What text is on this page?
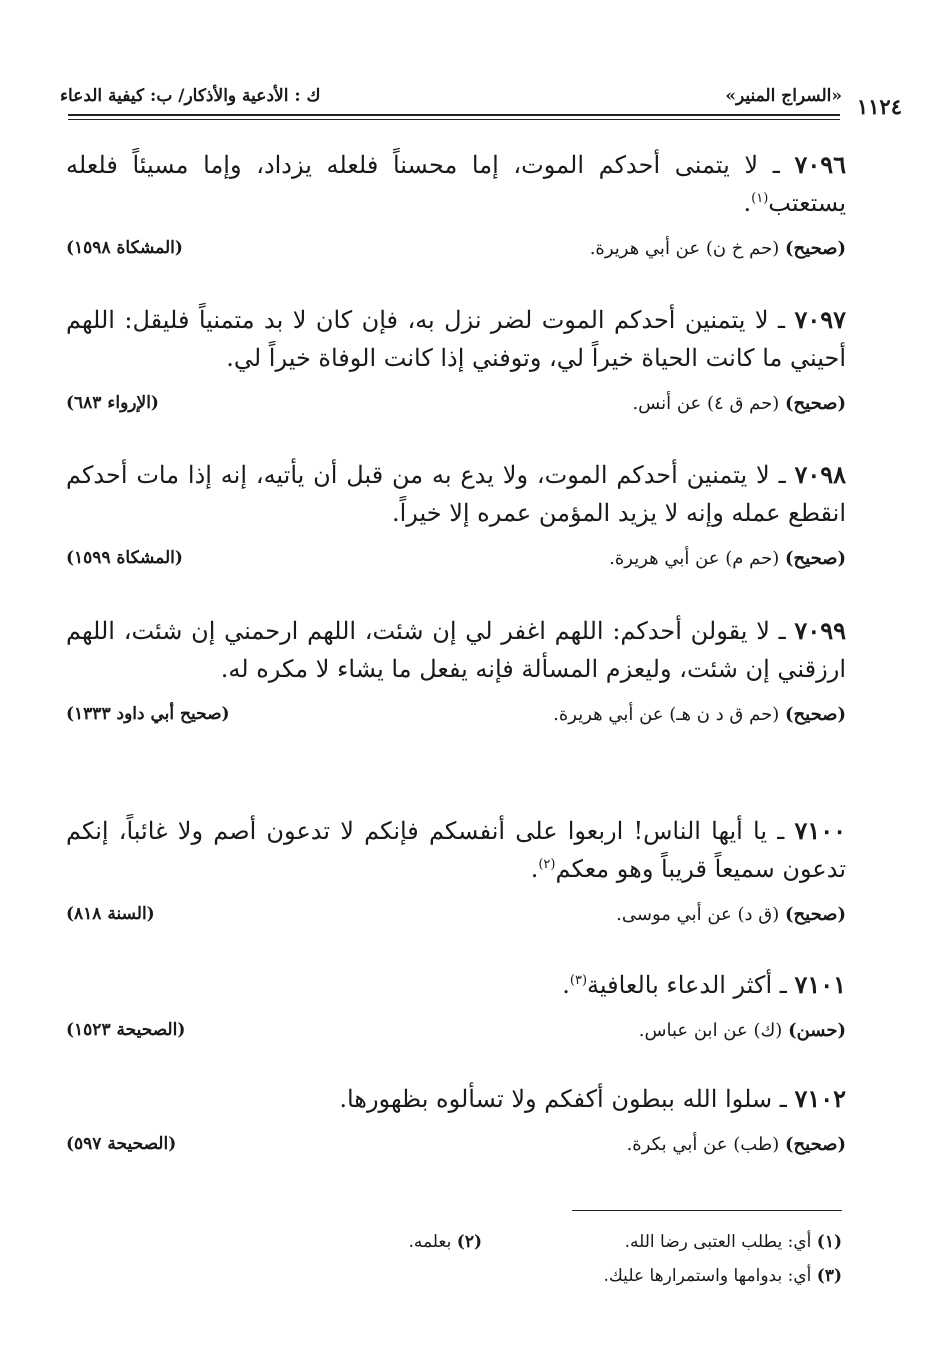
«السراج المنير»
ك : الأدعية والأذكار/ ب: كيفية الدعاء	١١٢٤

٧٠٩٦ ـ لا يتمنى أحدكم الموت، إما محسناً فلعله يزداد، وإما مسيئاً فلعله يستعتب$^{(١)}$.

(صحيح) (حم خ ن) عن أبي هريرة.
(المشكاة ١٥٩٨)

٧٠٩٧ ـ لا يتمنين أحدكم الموت لضر نزل به، فإن كان لا بد متمنياً فليقل: اللهم أحيني ما كانت الحياة خيراً لي، وتوفني إذا كانت الوفاة خيراً لي.

(صحيح) (حم ق ٤) عن أنس.
(الإرواء ٦٨٣)

٧٠٩٨ ـ لا يتمنين أحدكم الموت، ولا يدع به من قبل أن يأتيه، إنه إذا مات أحدكم انقطع عمله وإنه لا يزيد المؤمن عمره إلا خيراً.

(صحيح) (حم م) عن أبي هريرة.
(المشكاة ١٥٩٩)

٧٠٩٩ ـ لا يقولن أحدكم: اللهم اغفر لي إن شئت، اللهم ارحمني إن شئت، اللهم ارزقني إن شئت، وليعزم المسألة فإنه يفعل ما يشاء لا مكره له.

(صحيح) (حم ق د ن هـ) عن أبي هريرة.
(صحيح أبي داود ١٣٣٣)

٧١٠٠ ـ يا أيها الناس! اربعوا على أنفسكم فإنكم لا تدعون أصم ولا غائباً، إنكم تدعون سميعاً قريباً وهو معكم$^{(٢)}$.

(صحيح) (ق د) عن أبي موسى.
(السنة ٨١٨)

٧١٠١ ـ أكثر الدعاء بالعافية$^{(٣)}$.

(حسن) (ك) عن ابن عباس.
(الصحيحة ١٥٢٣)

٧١٠٢ ـ سلوا الله ببطون أكفكم ولا تسألوه بظهورها.

(صحيح) (طب) عن أبي بكرة.
(الصحيحة ٥٩٧)
(١) أي: يطلب العتبى رضا الله.
(٢) بعلمه.
(٣) أي: بدوامها واستمرارها عليك.
